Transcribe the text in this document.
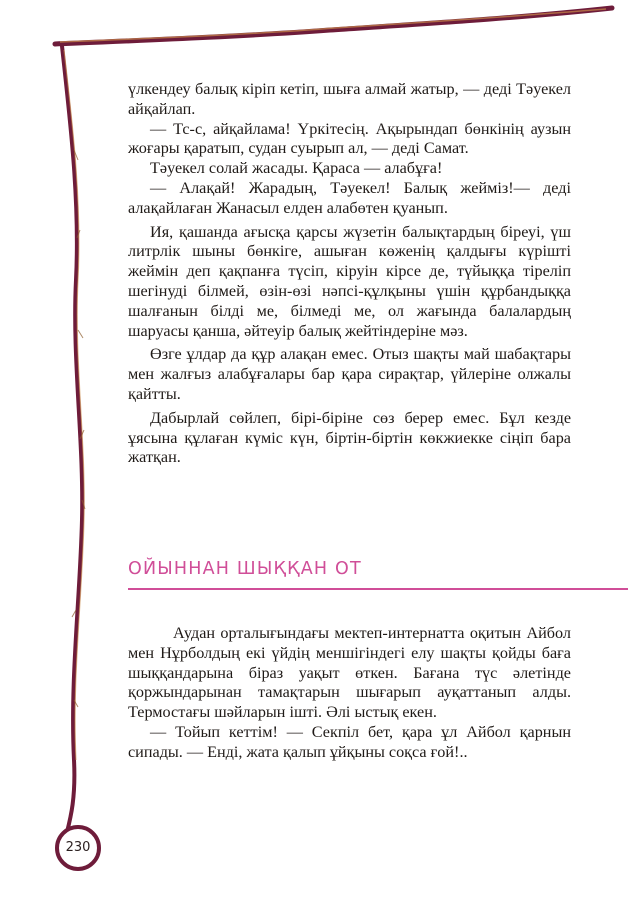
үлкендеу балық кіріп кетіп, шыға алмай жатыр, — деді Тәуекел айқайлап.

— Тс-с, айқайлама! Үркітесің. Ақырындап бөнкінің аузын жоғары қаратып, судан суырып ал, — деді Самат.

Тәуекел солай жасады. Қараса — алабұға!

— Алақай! Жарадың, Тәуекел! Балық жейміз!— деді алақайлаған Жанасыл елден алабөтен қуанып.

Ия, қашанда ағысқа қарсы жүзетін балықтардың біреуі, үш литрлік шыны бөнкіге, ашыған көженің қалдығы күрішті жеймін деп қақпанға түсіп, кіруін кірсе де, түйыққа тіреліп шегінуді білмей, өзін-өзі нәпсі-құлқыны үшін құрбандыққа шалғанын білді ме, білмеді ме, ол жағында балалардың шаруасы қанша, әйтеуір балық жейтіндеріне мәз.

Өзге ұлдар да құр алақан емес. Отыз шақты май шабақтары мен жалғыз алабұғалары бар қара сирақтар, үйлеріне олжалы қайтты.

Дабырлай сөйлеп, бірі-біріне сөз берер емес. Бұл кезде ұясына құлаған күміс күн, біртін-біртін көкжиекке сіңіп бара жатқан.

ОЙЫННАН ШЫҚҚАН ОТ

Аудан орталығындағы мектеп-интернатта оқитын Айбол мен Нұрболдың екі үйдің меншігіндегі елу шақты қойды бағa шыққандарына біраз уақыт өткен. Бағана түс әлетінде қоржындарынан тамақтарын шығарып ауқаттанып алды. Термостағы шәйларын ішті. Әлі ыстық екен.

— Тойып кеттім! — Секпіл бет, қара ұл Айбол қарнын сипады. — Енді, жата қалып ұйқыны соқса ғой!..

230
